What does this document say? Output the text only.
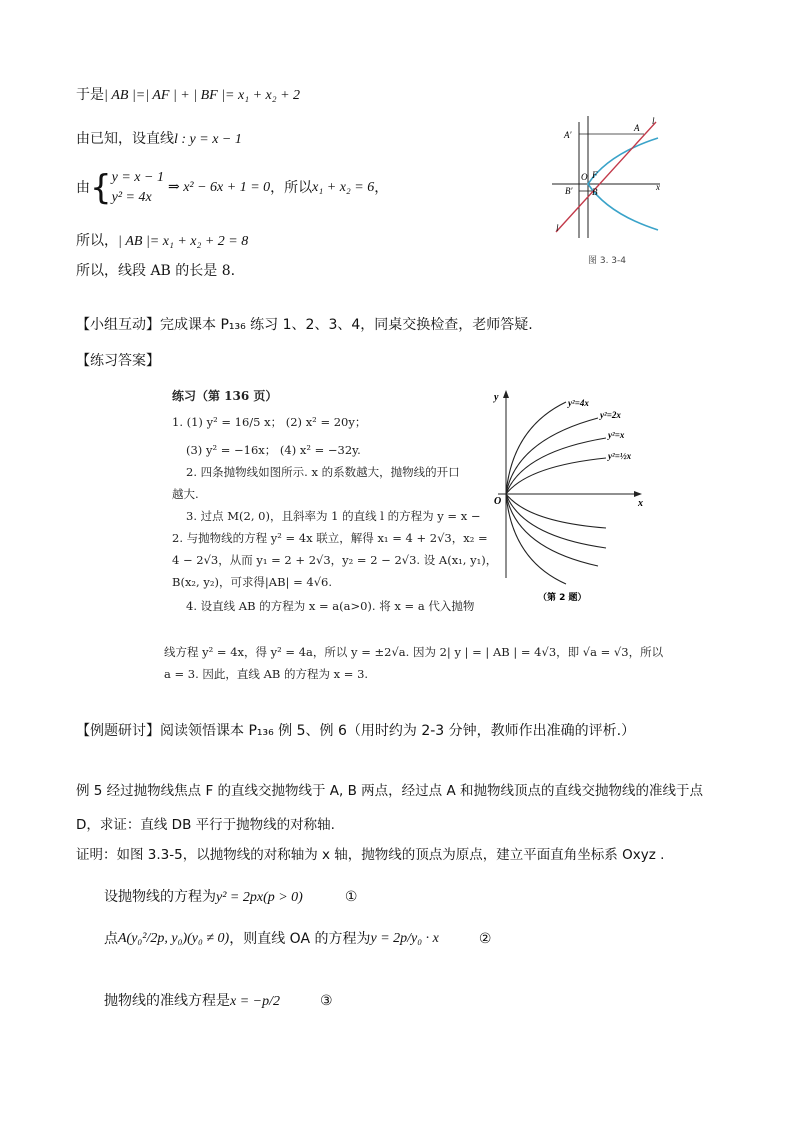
于是| AB |=| AF | + | BF |= x₁ + x₂ + 2
由已知，设直线l : y = x − 1
由{ y = x − 1
y² = 4x
⇒ x² − 6x + 1 = 0，所以x₁ + x₂ = 6，
所以，| AB |= x₁ + x₂ + 2 = 8
所以，线段 AB 的长是 8.
A′
A
l
O F
x
B′ B
l
图 3. 3-4
【小组互动】完成课本 P₁₃₆ 练习 1、2、3、4，同桌交换检查，老师答疑.
【练习答案】
练习（第 136 页）
1. (1) y² = 16/5 x； (2) x² = 20y；
(3) y² = −16x； (4) x² = −32y.
2. 四条抛物线如图所示. x 的系数越大，抛物线的开口
越大.
3. 过点 M(2, 0)，且斜率为 1 的直线 l 的方程为 y = x −
2. 与抛物线的方程 y² = 4x 联立，解得 x₁ = 4 + 2√3，x₂ =
4 − 2√3，从而 y₁ = 2 + 2√3，y₂ = 2 − 2√3. 设 A(x₁, y₁)，
B(x₂, y₂)，可求得|AB| = 4√6.
4. 设直线 AB 的方程为 x = a(a>0). 将 x = a 代入抛物
y
O	x
y²=4x
y²=2x
y²=x
y²=½x
（第 2 题）
线方程 y² = 4x，得 y² = 4a，所以 y = ±2√a. 因为 2| y | = | AB | = 4√3，即 √a = √3，所以
a = 3. 因此，直线 AB 的方程为 x = 3.
【例题研讨】阅读领悟课本 P₁₃₆ 例 5、例 6（用时约为 2-3 分钟，教师作出准确的评析.）
例 5 经过抛物线焦点 F 的直线交抛物线于 A, B 两点，经过点 A 和抛物线顶点的直线交抛物线的准线于点
D，求证：直线 DB 平行于抛物线的对称轴.
证明：如图 3.3-5，以抛物线的对称轴为 x 轴，抛物线的顶点为原点，建立平面直角坐标系 Oxyz .
设抛物线的方程为y² = 2px(p > 0)	①
点A(y₀²/2p, y₀)(y₀ ≠ 0)，则直线 OA 的方程为y = 2p/y₀ · x	②
抛物线的准线方程是x = −p/2	③
